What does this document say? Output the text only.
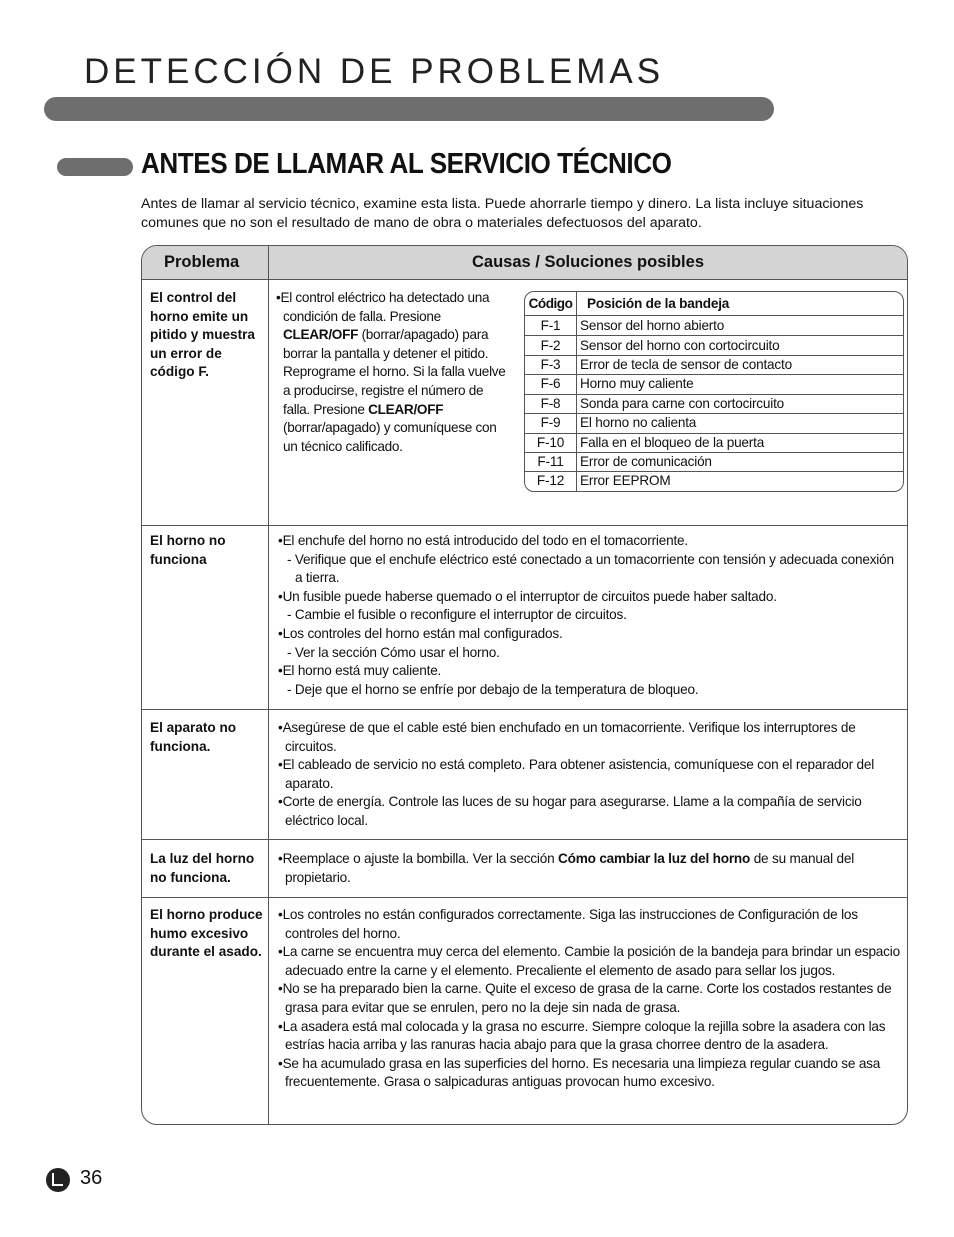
DETECCIÓN DE PROBLEMAS
ANTES DE LLAMAR AL SERVICIO TÉCNICO
Antes de llamar al servicio técnico, examine esta lista. Puede ahorrarle tiempo y dinero. La lista incluye situaciones comunes que no son el resultado de mano de obra o materiales defectuosos del aparato.
Problema	Causas / Soluciones posibles
El control del horno emite un pitido y muestra un error de código F.

•El control eléctrico ha detectado una condición de falla. Presione CLEAR/OFF (borrar/apagado) para borrar la pantalla y detener el pitido. Reprograme el horno. Si la falla vuelve a producirse, registre el número de falla. Presione CLEAR/OFF (borrar/apagado) y comuníquese con un técnico calificado.

Código Posición de la bandeja
F-1	Sensor del horno abierto
F-2	Sensor del horno con cortocircuito
F-3	Error de tecla de sensor de contacto
F-6	Horno muy caliente
F-8	Sonda para carne con cortocircuito
F-9	El horno no calienta
F-10	Falla en el bloqueo de la puerta
F-11	Error de comunicación
F-12	Error EEPROM
El horno no funciona

•El enchufe del horno no está introducido del todo en el tomacorriente.

- Verifique que el enchufe eléctrico esté conectado a un tomacorriente con tensión y adecuada conexión a tierra.

•Un fusible puede haberse quemado o el interruptor de circuitos puede haber saltado.

- Cambie el fusible o reconfigure el interruptor de circuitos.

•Los controles del horno están mal configurados.

- Ver la sección Cómo usar el horno.

•El horno está muy caliente.

- Deje que el horno se enfríe por debajo de la temperatura de bloqueo.

El aparato no funciona.

•Asegúrese de que el cable esté bien enchufado en un tomacorriente. Verifique los interruptores de circuitos.

•El cableado de servicio no está completo. Para obtener asistencia, comuníquese con el reparador del aparato.

•Corte de energía. Controle las luces de su hogar para asegurarse. Llame a la compañía de servicio eléctrico local.

La luz del horno no funciona.

•Reemplace o ajuste la bombilla. Ver la sección Cómo cambiar la luz del horno de su manual del propietario.

El horno produce humo excesivo durante el asado.

•Los controles no están configurados correctamente. Siga las instrucciones de Configuración de los controles del horno.

•La carne se encuentra muy cerca del elemento. Cambie la posición de la bandeja para brindar un espacio adecuado entre la carne y el elemento. Precaliente el elemento de asado para sellar los jugos.

•No se ha preparado bien la carne. Quite el exceso de grasa de la carne. Corte los costados restantes de grasa para evitar que se enrulen, pero no la deje sin nada de grasa.

•La asadera está mal colocada y la grasa no escurre. Siempre coloque la rejilla sobre la asadera con las estrías hacia arriba y las ranuras hacia abajo para que la grasa chorree dentro de la asadera.

•Se ha acumulado grasa en las superficies del horno. Es necesaria una limpieza regular cuando se asa frecuentemente. Grasa o salpicaduras antiguas provocan humo excesivo.

36
